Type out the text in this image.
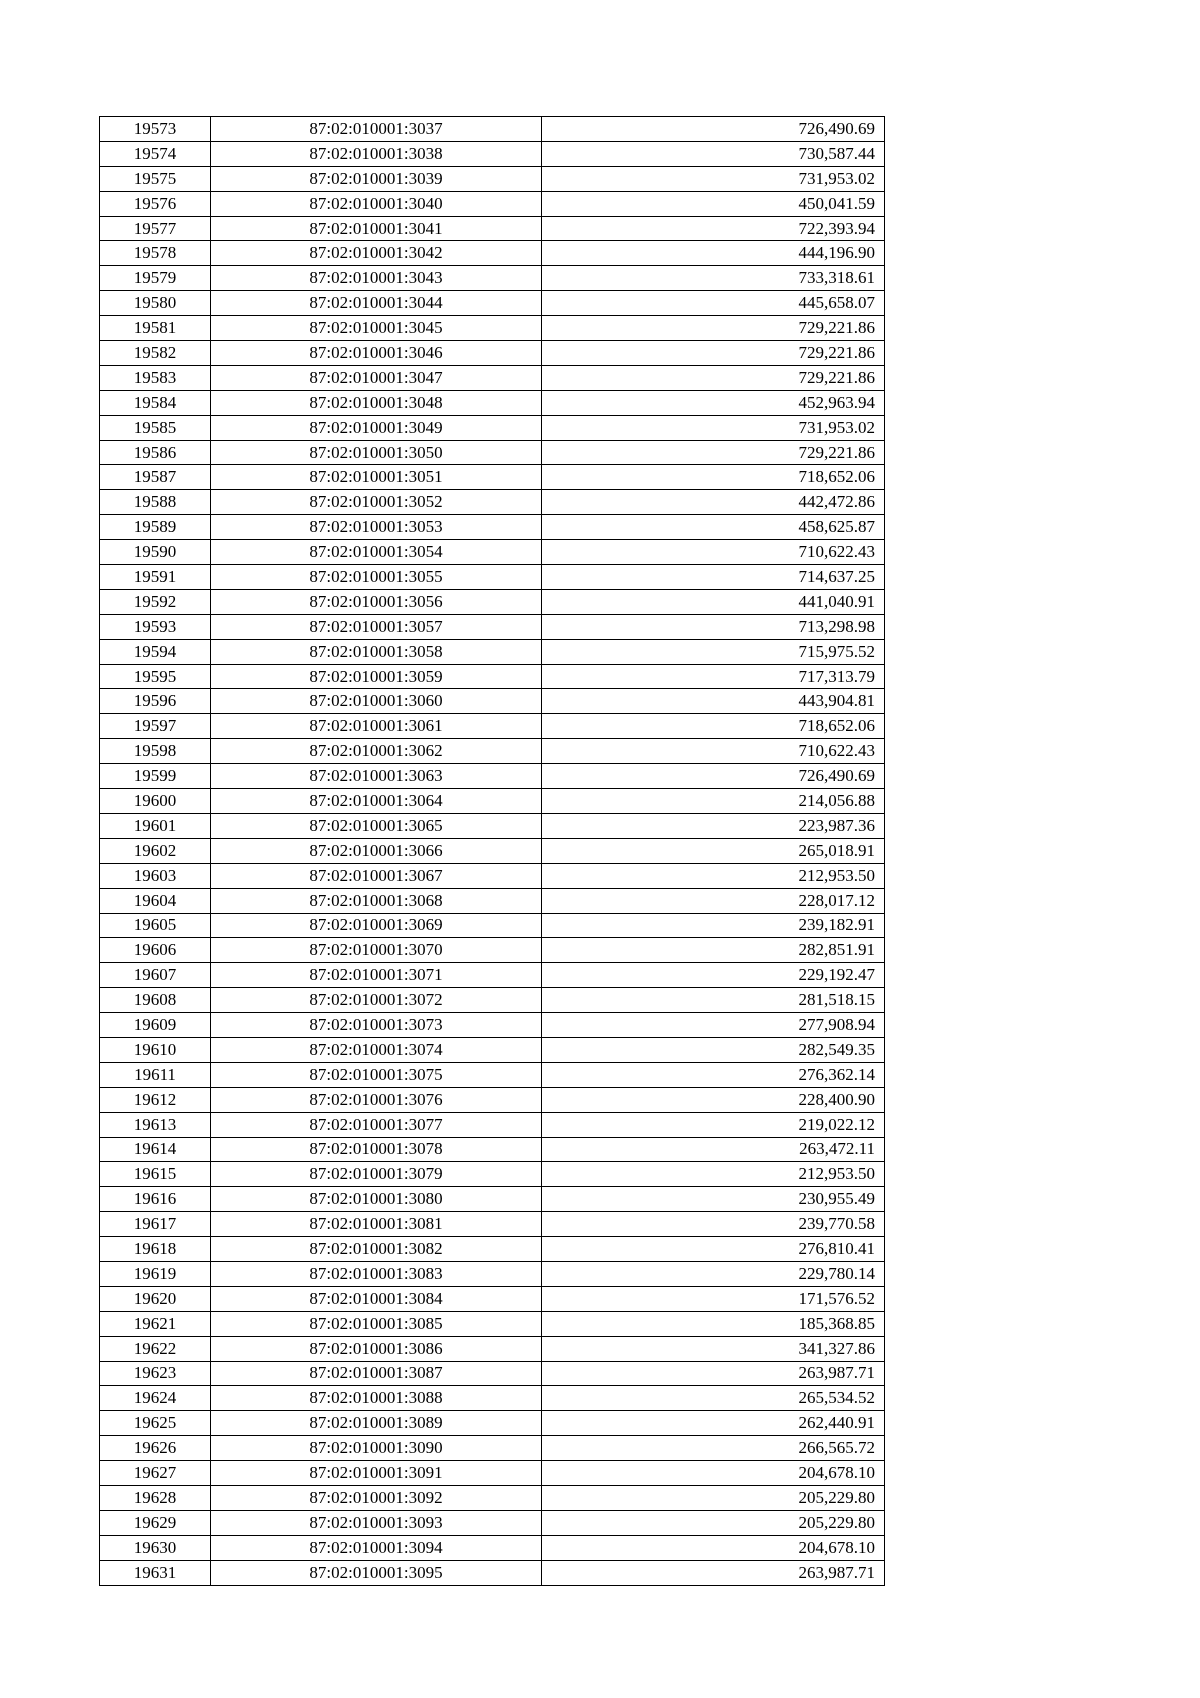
19573	87:02:010001:3037	726,490.69
19574	87:02:010001:3038	730,587.44
19575	87:02:010001:3039	731,953.02
19576	87:02:010001:3040	450,041.59
19577	87:02:010001:3041	722,393.94
19578	87:02:010001:3042	444,196.90
19579	87:02:010001:3043	733,318.61
19580	87:02:010001:3044	445,658.07
19581	87:02:010001:3045	729,221.86
19582	87:02:010001:3046	729,221.86
19583	87:02:010001:3047	729,221.86
19584	87:02:010001:3048	452,963.94
19585	87:02:010001:3049	731,953.02
19586	87:02:010001:3050	729,221.86
19587	87:02:010001:3051	718,652.06
19588	87:02:010001:3052	442,472.86
19589	87:02:010001:3053	458,625.87
19590	87:02:010001:3054	710,622.43
19591	87:02:010001:3055	714,637.25
19592	87:02:010001:3056	441,040.91
19593	87:02:010001:3057	713,298.98
19594	87:02:010001:3058	715,975.52
19595	87:02:010001:3059	717,313.79
19596	87:02:010001:3060	443,904.81
19597	87:02:010001:3061	718,652.06
19598	87:02:010001:3062	710,622.43
19599	87:02:010001:3063	726,490.69
19600	87:02:010001:3064	214,056.88
19601	87:02:010001:3065	223,987.36
19602	87:02:010001:3066	265,018.91
19603	87:02:010001:3067	212,953.50
19604	87:02:010001:3068	228,017.12
19605	87:02:010001:3069	239,182.91
19606	87:02:010001:3070	282,851.91
19607	87:02:010001:3071	229,192.47
19608	87:02:010001:3072	281,518.15
19609	87:02:010001:3073	277,908.94
19610	87:02:010001:3074	282,549.35
19611	87:02:010001:3075	276,362.14
19612	87:02:010001:3076	228,400.90
19613	87:02:010001:3077	219,022.12
19614	87:02:010001:3078	263,472.11
19615	87:02:010001:3079	212,953.50
19616	87:02:010001:3080	230,955.49
19617	87:02:010001:3081	239,770.58
19618	87:02:010001:3082	276,810.41
19619	87:02:010001:3083	229,780.14
19620	87:02:010001:3084	171,576.52
19621	87:02:010001:3085	185,368.85
19622	87:02:010001:3086	341,327.86
19623	87:02:010001:3087	263,987.71
19624	87:02:010001:3088	265,534.52
19625	87:02:010001:3089	262,440.91
19626	87:02:010001:3090	266,565.72
19627	87:02:010001:3091	204,678.10
19628	87:02:010001:3092	205,229.80
19629	87:02:010001:3093	205,229.80
19630	87:02:010001:3094	204,678.10
19631	87:02:010001:3095	263,987.71
